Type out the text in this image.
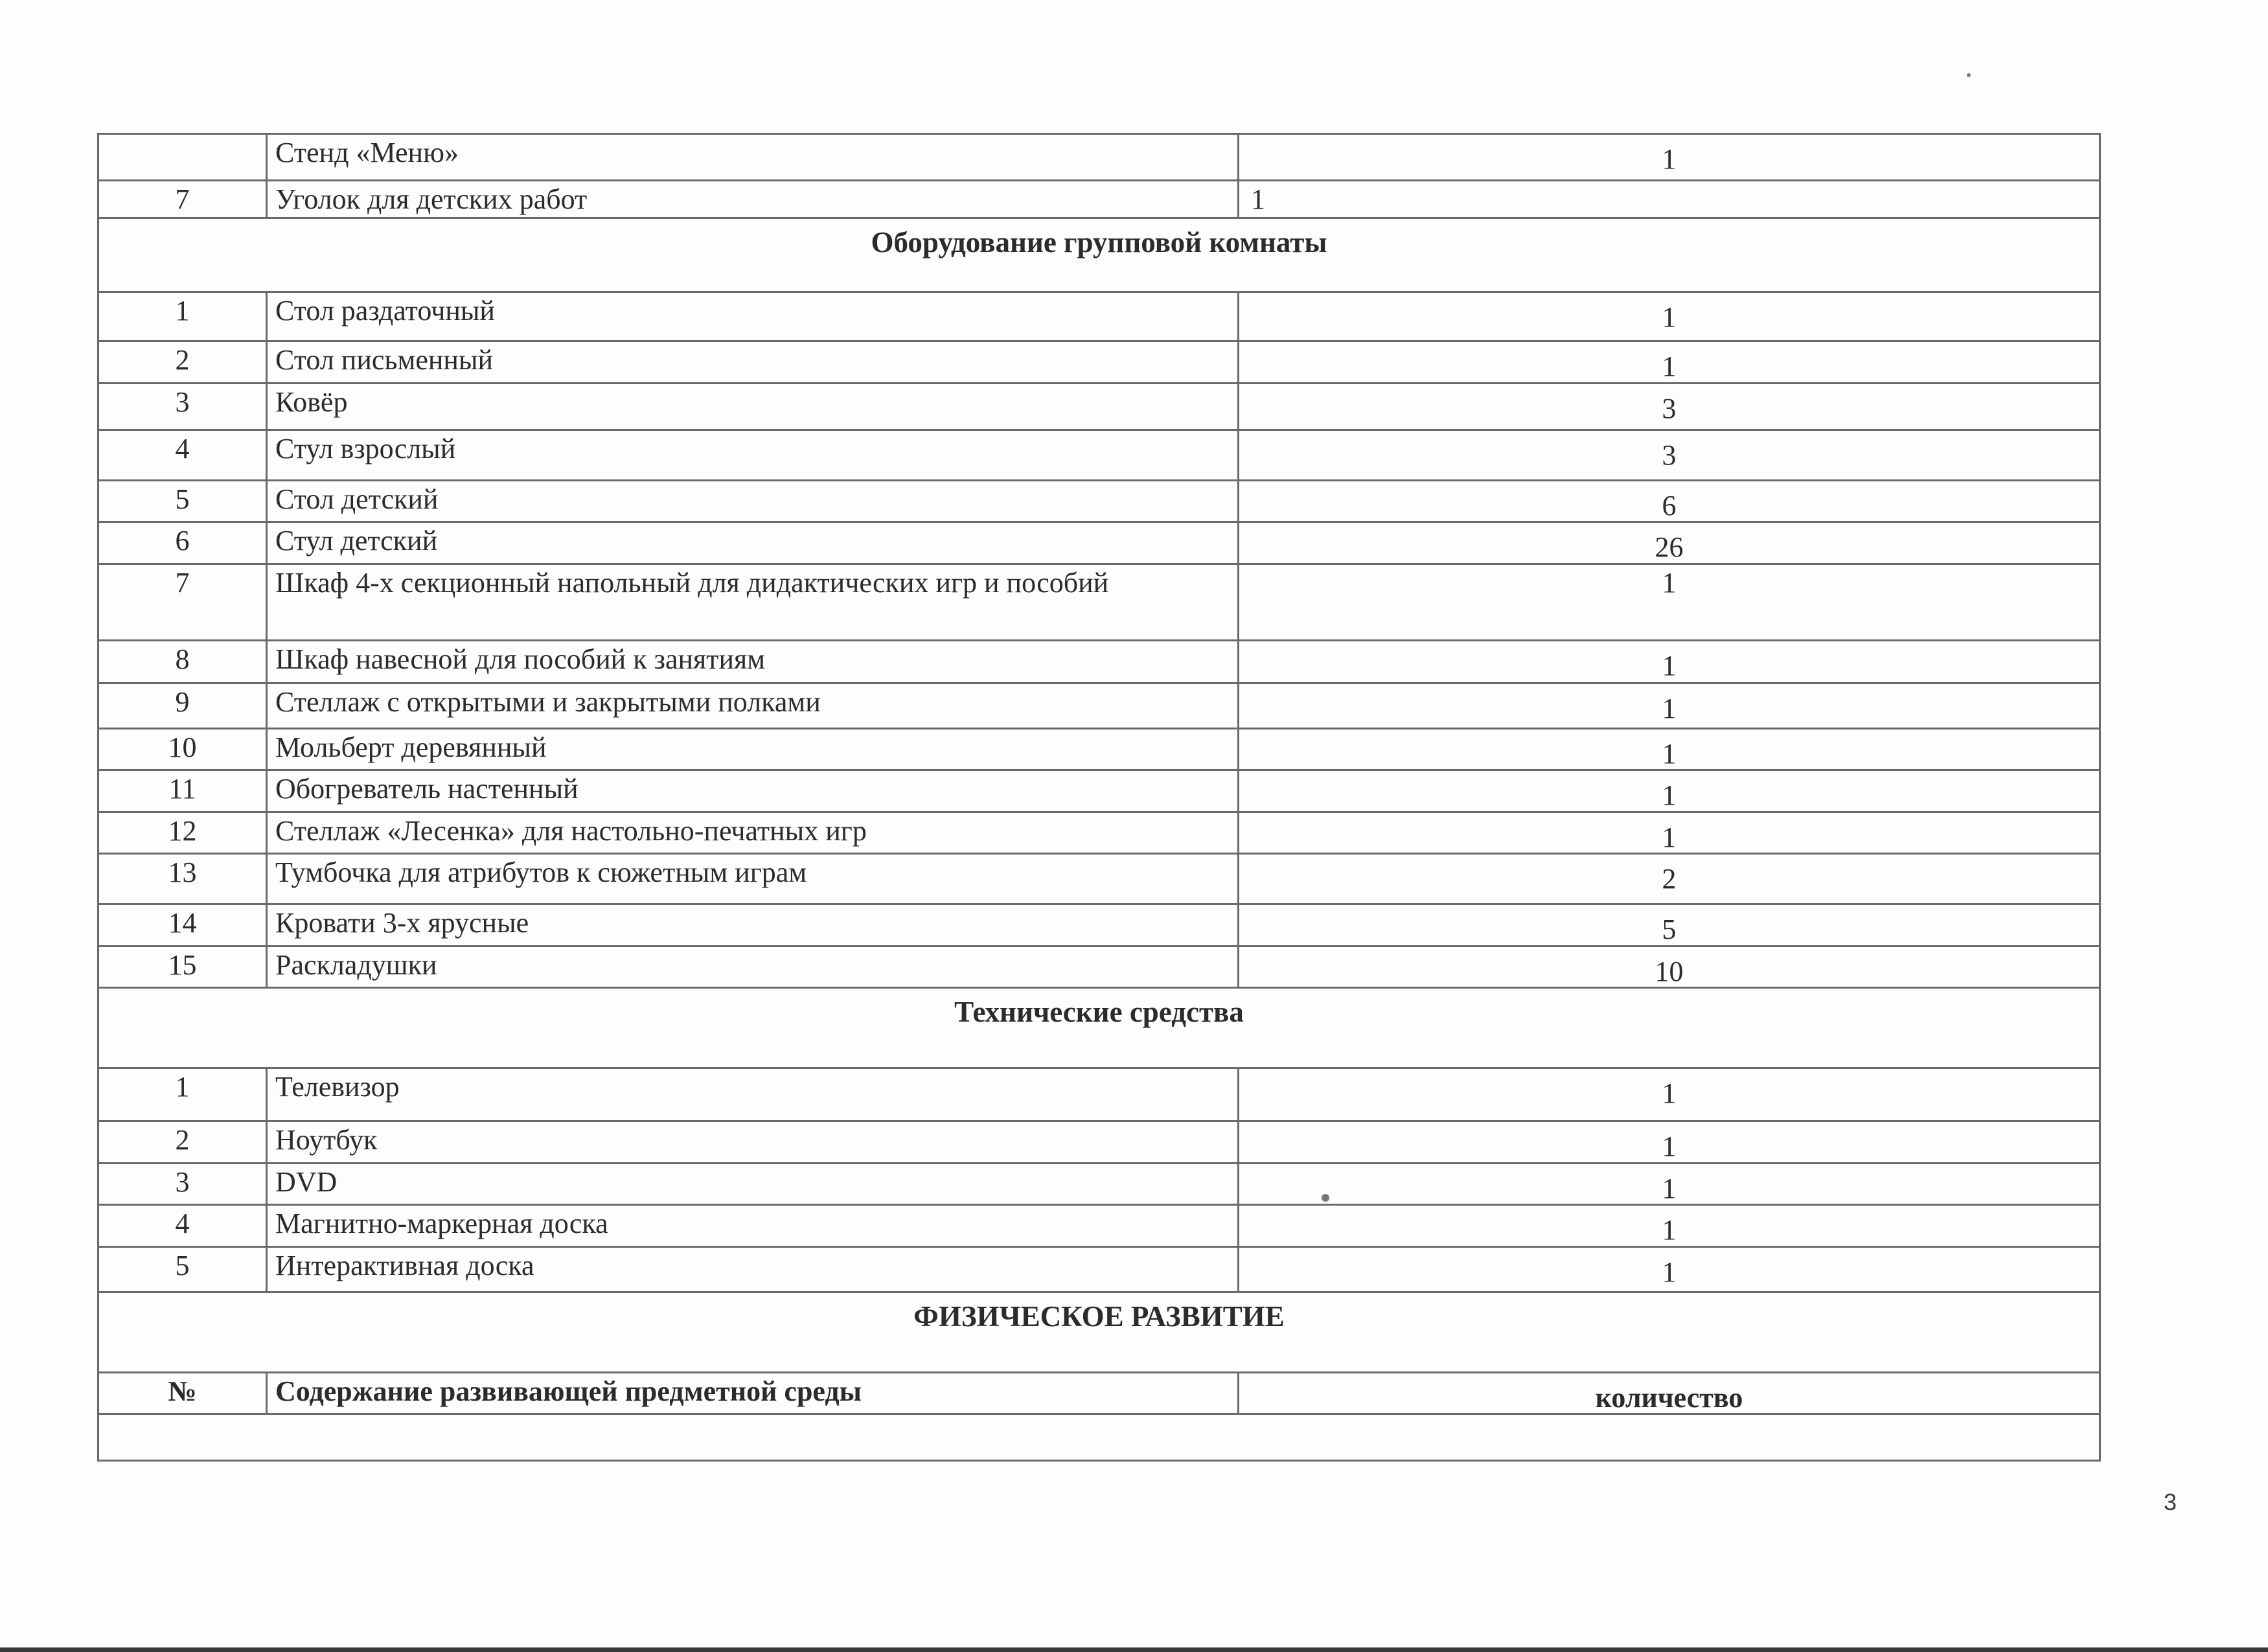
	Стенд «Меню»	1
7	Уголок для детских работ	1
Оборудование групповой комнаты		
1	Стол раздаточный	1
2	Стол письменный	1
3	Ковёр	3
4	Стул взрослый	3
5	Стол детский	6
6	Стул детский	26
7	Шкаф 4-х секционный напольный для дидактических игр и пособий	1
8	Шкаф навесной для пособий к занятиям	1
9	Стеллаж с открытыми и закрытыми полками	1
10	Мольберт деревянный	1
11	Обогреватель настенный	1
12	Стеллаж «Лесенка» для настольно-печатных игр	1
13	Тумбочка для атрибутов к сюжетным играм	2
14	Кровати 3-х ярусные	5
15	Раскладушки	10
Технические средства		
1	Телевизор	1
2	Ноутбук	1
3	DVD	1
4	Магнитно-маркерная доска	1
5	Интерактивная доска	1
ФИЗИЧЕСКОЕ РАЗВИТИЕ		
№	Содержание развивающей предметной среды	количество

3
